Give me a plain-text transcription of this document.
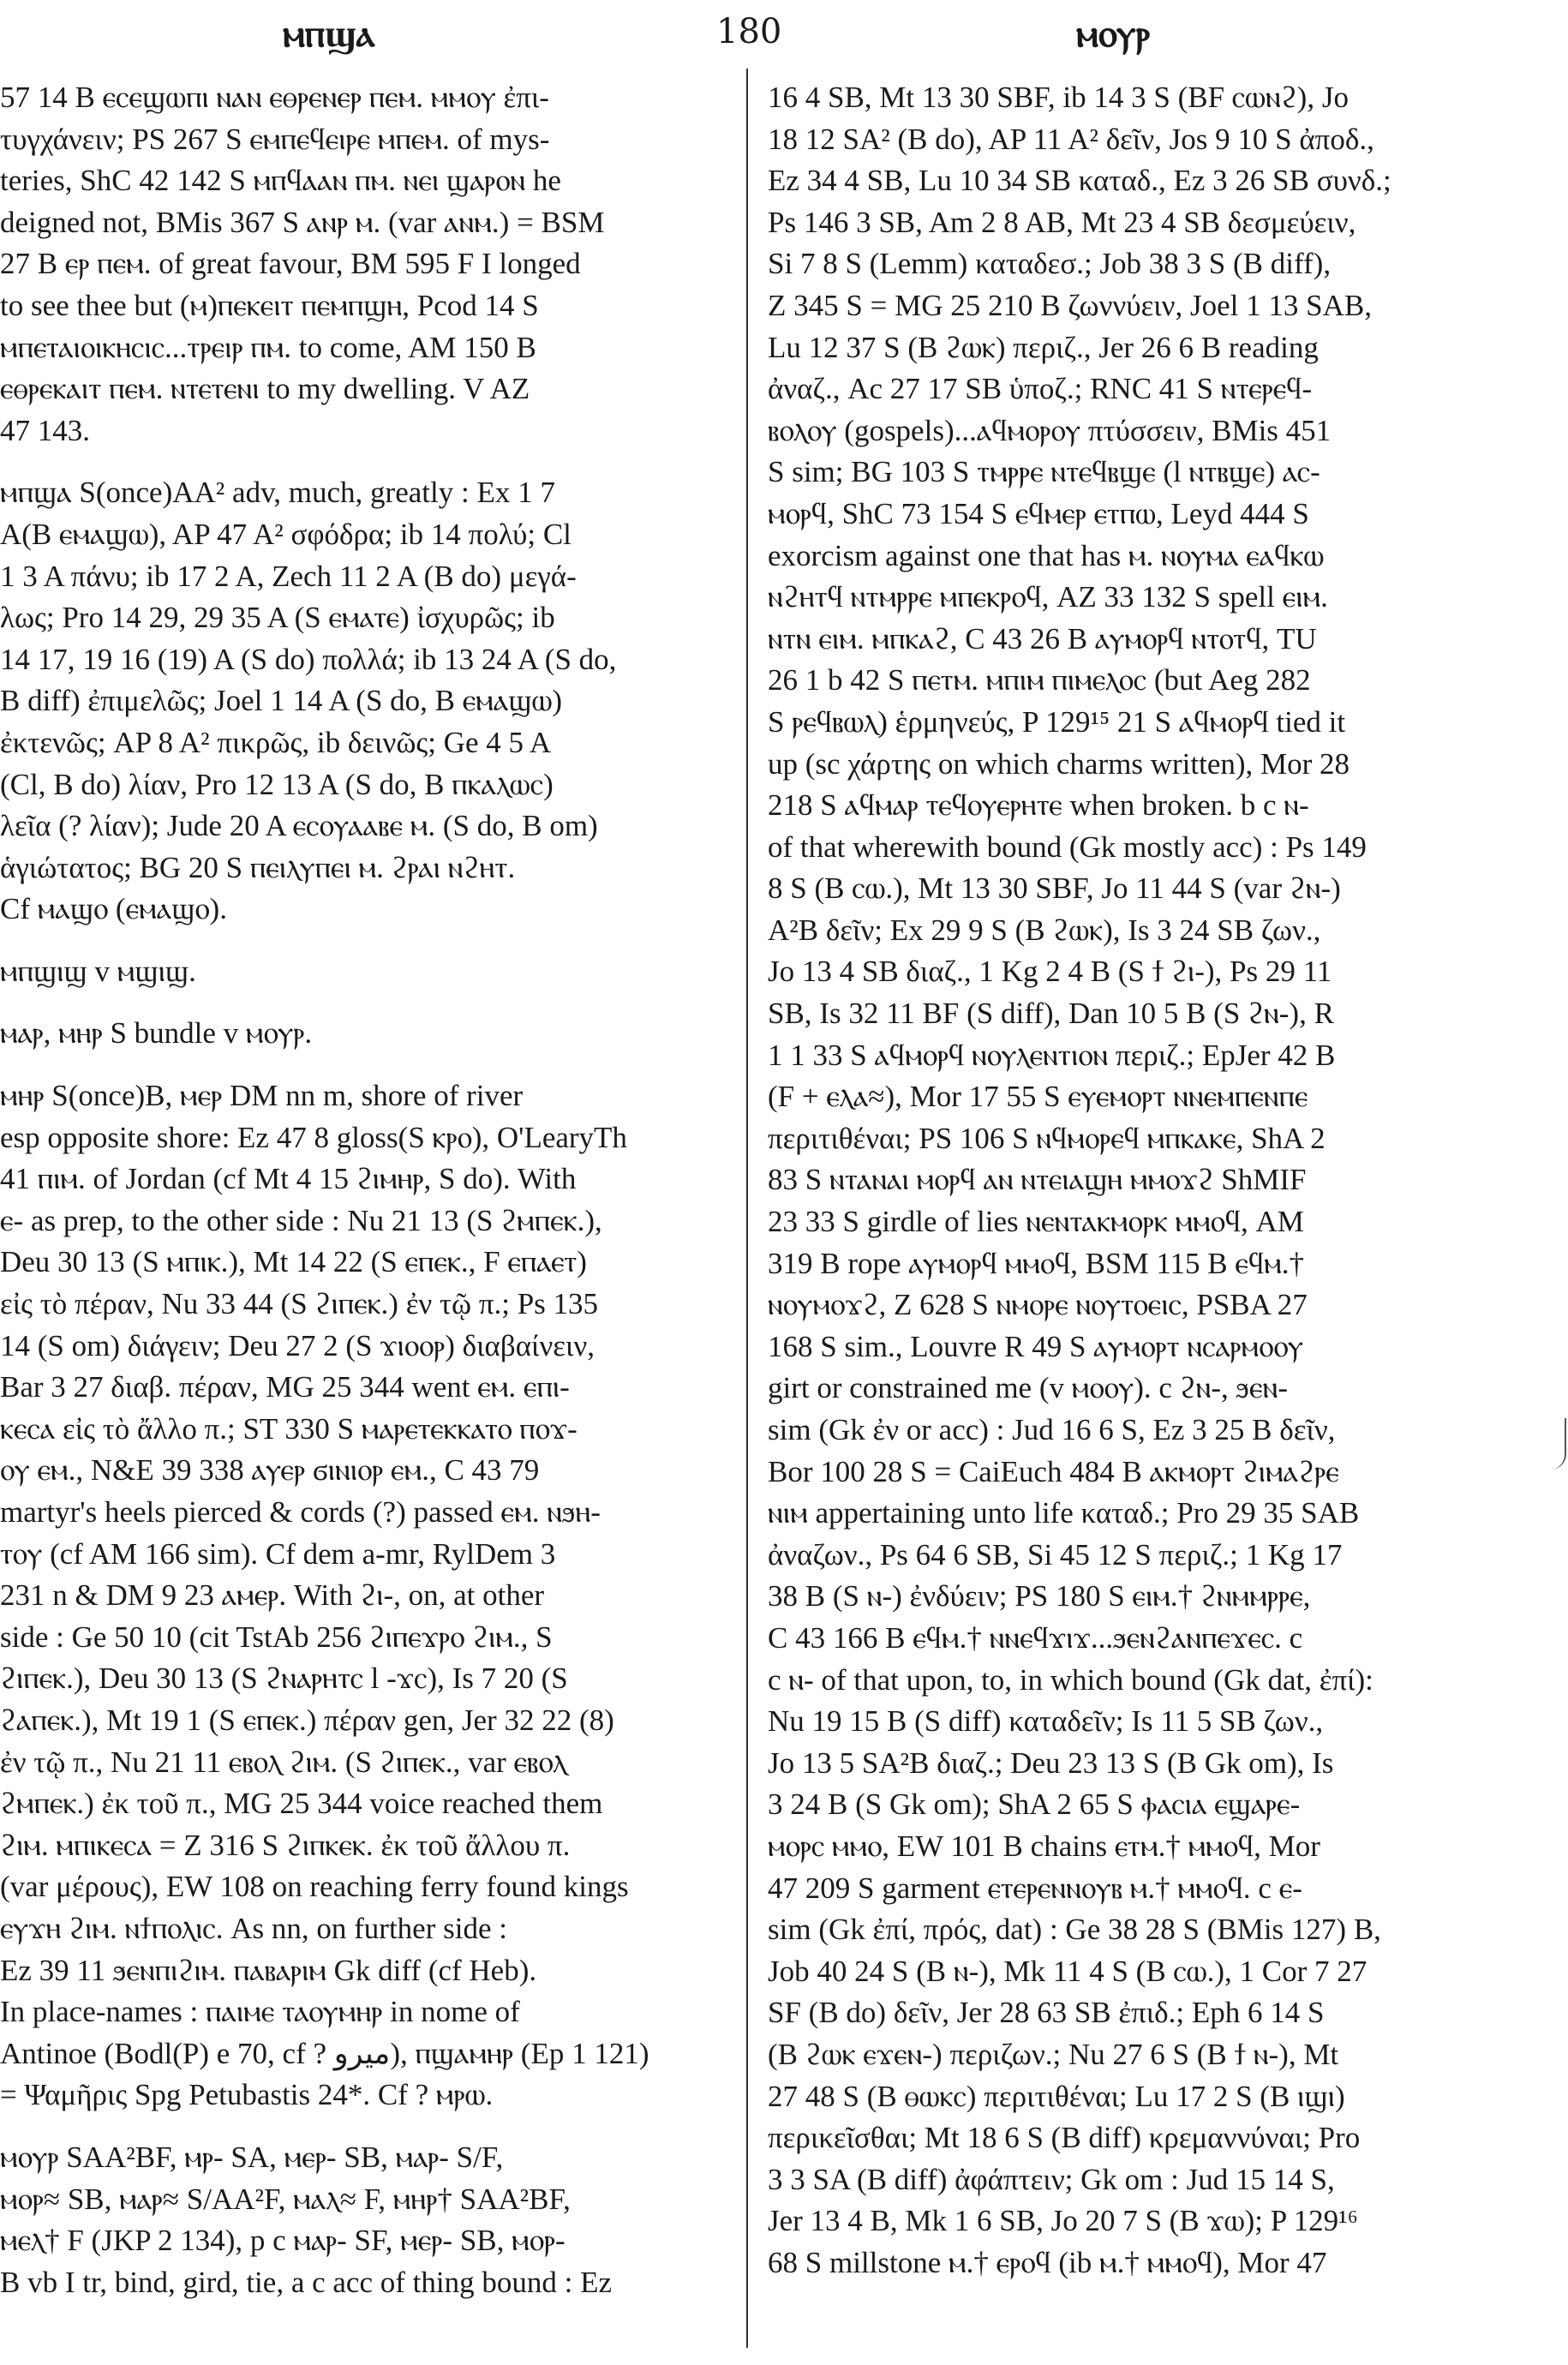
ⲙⲡϣⲁ	180	ⲙⲟⲩⲣ
57 14 B ⲉⲥⲉϣⲱⲡⲓ ⲛⲁⲛ ⲉⲑⲣⲉⲛⲉⲣ ⲡⲉⲙ. ⲙⲙⲟⲩ ἐπι-
τυγχάνειν; PS 267 S ⲉⲙⲡⲉϥⲉⲓⲣⲉ ⲙⲡⲉⲙ. of mys-
teries, ShC 42 142 S ⲙⲡϥⲁⲁⲛ ⲡⲙ. ⲛⲉⲓ ϣⲁⲣⲟⲛ he
deigned not, BMis 367 S ⲁⲛⲣ ⲙ. (var ⲁⲛⲙ.) = BSM
27 B ⲉⲣ ⲡⲉⲙ. of great favour, BM 595 F I longed
to see thee but (ⲙ)ⲡⲉⲕⲉⲓⲧ ⲡⲉⲙⲡϣⲏ, Pcod 14 S
ⲙⲡⲉⲧⲁⲓⲟⲓⲕⲏⲥⲓⲥ...ⲧⲣⲉⲓⲣ ⲡⲙ. to come, AM 150 B
ⲉⲑⲣⲉⲕⲁⲓⲧ ⲡⲉⲙ. ⲛⲧⲉⲧⲉⲛⲓ to my dwelling. V AZ
47 143.
ⲙⲡϣⲁ S(once)AA² adv, much, greatly : Ex 1 7
A(B ⲉⲙⲁϣⲱ), AP 47 A² σφόδρα; ib 14 πολύ; Cl
1 3 A πάνυ; ib 17 2 A, Zech 11 2 A (B do) μεγά-
λως; Pro 14 29, 29 35 A (S ⲉⲙⲁⲧⲉ) ἰσχυρῶς; ib
14 17, 19 16 (19) A (S do) πολλά; ib 13 24 A (S do,
B diff) ἐπιμελῶς; Joel 1 14 A (S do, B ⲉⲙⲁϣⲱ)
ἐκτενῶς; AP 8 A² πικρῶς, ib δεινῶς; Ge 4 5 A
(Cl, B do) λίαν, Pro 12 13 A (S do, B ⲡⲕⲁⲗⲱⲥ)
λεῖα (? λίαν); Jude 20 A ⲉⲥⲟⲩⲁⲁⲃⲉ ⲙ. (S do, B om)
ἁγιώτατος; BG 20 S ⲡⲉⲓⲗⲩⲡⲉⲓ ⲙ. ϩⲣⲁⲓ ⲛϩⲏⲧ.
Cf ⲙⲁϣⲟ (ⲉⲙⲁϣⲟ).
ⲙⲡϣⲓϣ v ⲙϣⲓϣ.
ⲙⲁⲣ, ⲙⲏⲣ S bundle v ⲙⲟⲩⲣ.
ⲙⲏⲣ S(once)B, ⲙⲉⲣ DM nn m, shore of river
esp opposite shore: Ez 47 8 gloss(S ⲕⲣⲟ), O'LearyTh
41 ⲡⲓⲙ. of Jordan (cf Mt 4 15 ϩⲓⲙⲏⲣ, S do). With
ⲉ- as prep, to the other side : Nu 21 13 (S ϩⲙⲡⲉⲕ.),
Deu 30 13 (S ⲙⲡⲓⲕ.), Mt 14 22 (S ⲉⲡⲉⲕ., F ⲉⲡⲁⲉⲧ)
εἰς τὸ πέραν, Nu 33 44 (S ϩⲓⲡⲉⲕ.) ἐν τῷ π.; Ps 135
14 (S om) διάγειν; Deu 27 2 (S ϫⲓⲟⲟⲣ) διαβαίνειν,
Bar 3 27 διαβ. πέραν, MG 25 344 went ⲉⲙ. ⲉⲡⲓ-
ⲕⲉⲥⲁ εἰς τὸ ἄλλο π.; ST 330 S ⲙⲁⲣⲉⲧⲉⲕⲕⲁⲧⲟ ⲡⲟϫ-
ⲟⲩ ⲉⲙ., N&E 39 338 ⲁⲩⲉⲣ ϭⲓⲛⲓⲟⲣ ⲉⲙ., C 43 79
martyr's heels pierced & cords (?) passed ⲉⲙ. ⲛϧⲏ-
ⲧⲟⲩ (cf AM 166 sim). Cf dem a-mr, RylDem 3
231 n & DM 9 23 ⲁⲙⲉⲣ. With ϩⲓ-, on, at other
side : Ge 50 10 (cit TstAb 256 ϩⲓⲡⲉϫⲣⲟ ϩⲓⲙ., S
ϩⲓⲡⲉⲕ.), Deu 30 13 (S ϩⲛⲁⲣⲏⲧⲥ l -ϫⲥ), Is 7 20 (S
ϩⲁⲡⲉⲕ.), Mt 19 1 (S ⲉⲡⲉⲕ.) πέραν gen, Jer 32 22 (8)
ἐν τῷ π., Nu 21 11 ⲉⲃⲟⲗ ϩⲓⲙ. (S ϩⲓⲡⲉⲕ., var ⲉⲃⲟⲗ
ϩⲙⲡⲉⲕ.) ἐκ τοῦ π., MG 25 344 voice reached them
ϩⲓⲙ. ⲙⲡⲓⲕⲉⲥⲁ = Z 316 S ϩⲓⲡⲕⲉⲕ. ἐκ τοῦ ἄλλου π.
(var μέρους), EW 108 on reaching ferry found kings
ⲉⲩϫⲏ ϩⲓⲙ. ⲛϯⲡⲟⲗⲓⲥ. As nn, on further side :
Ez 39 11 ϧⲉⲛⲡⲓϩⲓⲙ. ⲡⲁⲃⲁⲣⲓⲙ Gk diff (cf Heb).
In place-names : ⲡⲁⲓⲙⲉ ⲧⲁⲟⲩⲙⲏⲣ in nome of
Antinoe (Bodl(P) e 70, cf ? ميرو), ⲡϣⲁⲙⲏⲣ (Ep 1 121)
= Ψαμῆρις Spg Petubastis 24*. Cf ? ⲙⲣⲱ.
ⲙⲟⲩⲣ SAA²BF, ⲙⲣ- SA, ⲙⲉⲣ- SB, ⲙⲁⲣ- S/F,
ⲙⲟⲣ≈ SB, ⲙⲁⲣ≈ S/AA²F, ⲙⲁⲗ≈ F, ⲙⲏⲣ† SAA²BF,
ⲙⲉⲗ† F (JKP 2 134), p c ⲙⲁⲣ- SF, ⲙⲉⲣ- SB, ⲙⲟⲣ-
B vb I tr, bind, gird, tie, a c acc of thing bound : Ez
16 4 SB, Mt 13 30 SBF, ib 14 3 S (BF ⲥⲱⲛϩ), Jo
18 12 SA² (B do), AP 11 A² δεῖν, Jos 9 10 S ἀποδ.,
Ez 34 4 SB, Lu 10 34 SB καταδ., Ez 3 26 SB συνδ.;
Ps 146 3 SB, Am 2 8 AB, Mt 23 4 SB δεσμεύειν,
Si 7 8 S (Lemm) καταδεσ.; Job 38 3 S (B diff),
Z 345 S = MG 25 210 B ζωννύειν, Joel 1 13 SAB,
Lu 12 37 S (B ϩⲱⲕ) περιζ., Jer 26 6 B reading
ἀναζ., Ac 27 17 SB ὑποζ.; RNC 41 S ⲛⲧⲉⲣⲉϥ-
ⲃⲟⲗⲟⲩ (gospels)...ⲁϥⲙⲟⲣⲟⲩ πτύσσειν, BMis 451
S sim; BG 103 S ⲧⲙⲣⲣⲉ ⲛⲧⲉϥⲃϣⲉ (l ⲛⲧⲃϣⲉ) ⲁⲥ-
ⲙⲟⲣϥ, ShC 73 154 S ⲉϥⲙⲉⲣ ⲉⲧⲡⲱ, Leyd 444 S
exorcism against one that has ⲙ. ⲛⲟⲩⲙⲁ ⲉⲁϥⲕⲱ
ⲛϩⲏⲧϥ ⲛⲧⲙⲣⲣⲉ ⲙⲡⲉⲕⲣⲟϥ, AZ 33 132 S spell ⲉⲓⲙ.
ⲛⲧⲛ ⲉⲓⲙ. ⲙⲡⲕⲁϩ, C 43 26 B ⲁⲩⲙⲟⲣϥ ⲛⲧⲟⲧϥ, TU
26 1 b 42 S ⲡⲉⲧⲙ. ⲙⲡⲓⲙ ⲡⲓⲙⲉⲗⲟⲥ (but Aeg 282
S ⲣⲉϥⲃⲱⲗ) ἑρμηνεύς, P 129¹⁵ 21 S ⲁϥⲙⲟⲣϥ tied it
up (sc χάρτης on which charms written), Mor 28
218 S ⲁϥⲙⲁⲣ ⲧⲉϥⲟⲩⲉⲣⲏⲧⲉ when broken. b c ⲛ-
of that wherewith bound (Gk mostly acc) : Ps 149
8 S (B ⲥⲱ.), Mt 13 30 SBF, Jo 11 44 S (var ϩⲛ-)
A²B δεῖν; Ex 29 9 S (B ϩⲱⲕ), Is 3 24 SB ζων.,
Jo 13 4 SB διαζ., 1 Kg 2 4 B (S ϯ ϩⲓ-), Ps 29 11
SB, Is 32 11 BF (S diff), Dan 10 5 B (S ϩⲛ-), R
1 1 33 S ⲁϥⲙⲟⲣϥ ⲛⲟⲩⲗⲉⲛⲧⲓⲟⲛ περιζ.; EpJer 42 B
(F + ⲉⲗⲁ≈), Mor 17 55 S ⲉⲩⲉⲙⲟⲣⲧ ⲛⲛⲉⲙⲡⲉⲛⲡⲉ
περιτιθέναι; PS 106 S ⲛϥⲙⲟⲣⲉϥ ⲙⲡⲕⲁⲕⲉ, ShA 2
83 S ⲛⲧⲁⲛⲁⲓ ⲙⲟⲣϥ ⲁⲛ ⲛⲧⲉⲓⲁϣⲏ ⲙⲙⲟϫϩ ShMIF
23 33 S girdle of lies ⲛⲉⲛⲧⲁⲕⲙⲟⲣⲕ ⲙⲙⲟϥ, AM
319 B rope ⲁⲩⲙⲟⲣϥ ⲙⲙⲟϥ, BSM 115 B ⲉϥⲙ.†
ⲛⲟⲩⲙⲟϫϩ, Z 628 S ⲛⲙⲟⲣⲉ ⲛⲟⲩⲧⲟⲉⲓⲥ, PSBA 27
168 S sim., Louvre R 49 S ⲁⲩⲙⲟⲣⲧ ⲛⲥⲁⲣⲙⲟⲟⲩ
girt or constrained me (v ⲙⲟⲟⲩ). c ϩⲛ-, ϧⲉⲛ-
sim (Gk ἐν or acc) : Jud 16 6 S, Ez 3 25 B δεῖν,
Bor 100 28 S = CaiEuch 484 B ⲁⲕⲙⲟⲣⲧ ϩⲓⲙⲁϩⲣⲉ
ⲛⲓⲙ appertaining unto life καταδ.; Pro 29 35 SAB
ἀναζων., Ps 64 6 SB, Si 45 12 S περιζ.; 1 Kg 17
38 B (S ⲛ-) ἐνδύειν; PS 180 S ⲉⲓⲙ.† ϩⲛⲙⲙⲣⲣⲉ,
C 43 166 B ⲉϥⲙ.† ⲛⲛⲉϥϫⲓϫ...ϧⲉⲛϩⲁⲛⲡⲉϫⲉⲥ. c
c ⲛ- of that upon, to, in which bound (Gk dat, ἐπί):
Nu 19 15 B (S diff) καταδεῖν; Is 11 5 SB ζων.,
Jo 13 5 SA²B διαζ.; Deu 23 13 S (B Gk om), Is
3 24 B (S Gk om); ShA 2 65 S ⲫⲁⲥⲓⲁ ⲉϣⲁⲣⲉ-
ⲙⲟⲣⲥ ⲙⲙⲟ, EW 101 B chains ⲉⲧⲙ.† ⲙⲙⲟϥ, Mor
47 209 S garment ⲉⲧⲉⲣⲉⲛⲛⲟⲩⲃ ⲙ.† ⲙⲙⲟϥ. c ⲉ-
sim (Gk ἐπί, πρός, dat) : Ge 38 28 S (BMis 127) B,
Job 40 24 S (B ⲛ-), Mk 11 4 S (B ⲥⲱ.), 1 Cor 7 27
SF (B do) δεῖν, Jer 28 63 SB ἐπιδ.; Eph 6 14 S
(B ϩⲱⲕ ⲉϫⲉⲛ-) περιζων.; Nu 27 6 S (B ϯ ⲛ-), Mt
27 48 S (B ⲑⲱⲕⲥ) περιτιθέναι; Lu 17 2 S (B ⲓϣⲓ)
περικεῖσθαι; Mt 18 6 S (B diff) κρεμαννύναι; Pro
3 3 SA (B diff) ἀφάπτειν; Gk om : Jud 15 14 S,
Jer 13 4 B, Mk 1 6 SB, Jo 20 7 S (B ϫⲱ); P 129¹⁶
68 S millstone ⲙ.† ⲉⲣⲟϥ (ib ⲙ.† ⲙⲙⲟϥ), Mor 47
